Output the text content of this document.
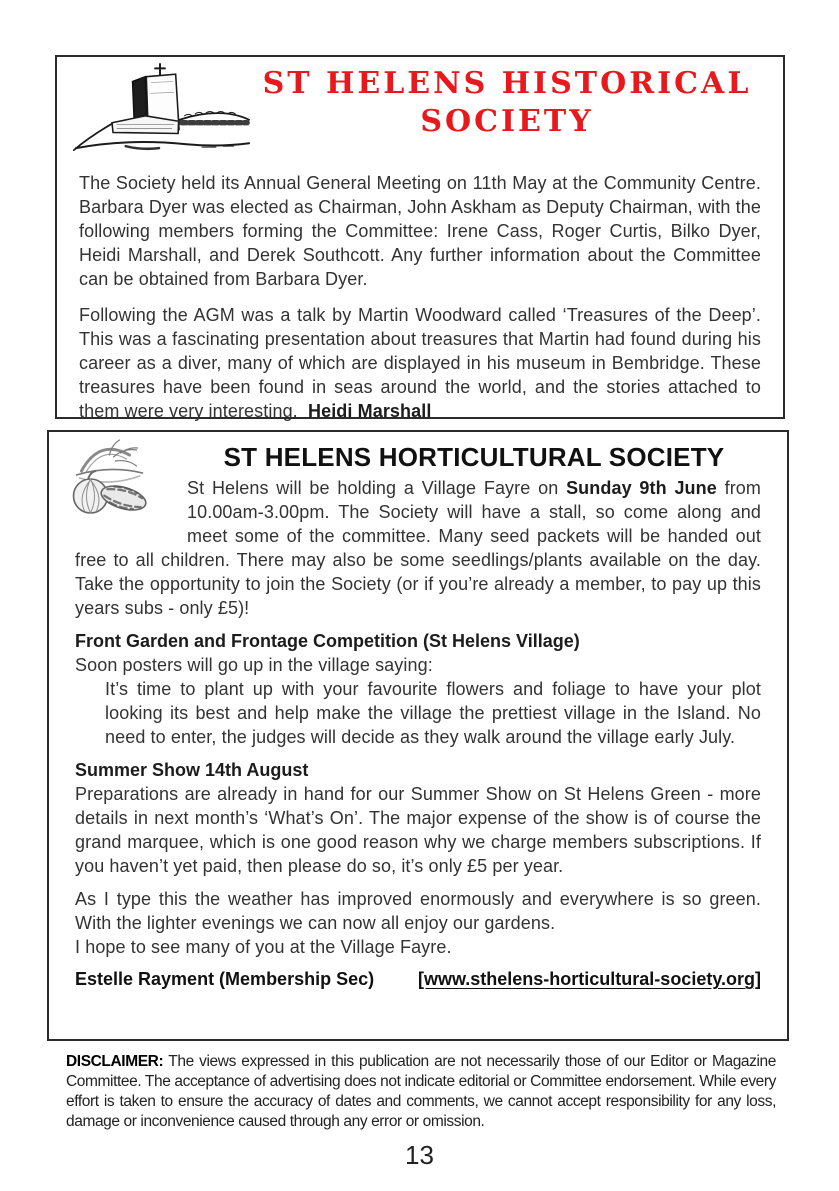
ST HELENS HISTORICAL
SOCIETY

The Society held its Annual General Meeting on 11th May at the Community Centre. Barbara Dyer was elected as Chairman, John Askham as Deputy Chairman, with the following members forming the Committee: Irene Cass, Roger Curtis, Bilko Dyer, Heidi Marshall, and Derek Southcott. Any further information about the Committee can be obtained from Barbara Dyer.

Following the AGM was a talk by Martin Woodward called ‘Treasures of the Deep’. This was a fascinating presentation about treasures that Martin had found during his career as a diver, many of which are displayed in his museum in Bembridge. These treasures have been found in seas around the world, and the stories attached to them were very interesting. Heidi Marshall

ST HELENS HORTICULTURAL SOCIETY

St Helens will be holding a Village Fayre on Sunday 9th June from 10.00am-3.00pm. The Society will have a stall, so come along and meet some of the committee. Many seed packets will be handed out free to all children. There may also be some seedlings/plants available on the day. Take the opportunity to join the Society (or if you’re already a member, to pay up this years subs - only £5)!

Front Garden and Frontage Competition (St Helens Village)

Soon posters will go up in the village saying:

It’s time to plant up with your favourite flowers and foliage to have your plot looking its best and help make the village the prettiest village in the Island. No need to enter, the judges will decide as they walk around the village early July.

Summer Show 14th August

Preparations are already in hand for our Summer Show on St Helens Green - more details in next month’s ‘What’s On’. The major expense of the show is of course the grand marquee, which is one good reason why we charge members subscriptions. If you haven’t yet paid, then please do so, it’s only £5 per year.

As I type this the weather has improved enormously and everywhere is so green. With the lighter evenings we can now all enjoy our gardens.

I hope to see many of you at the Village Fayre.

Estelle Rayment (Membership Sec) [www.sthelens-horticultural-society.org]

DISCLAIMER: The views expressed in this publication are not necessarily those of our Editor or Magazine Committee. The acceptance of advertising does not indicate editorial or Committee endorsement. While every effort is taken to ensure the accuracy of dates and comments, we cannot accept responsibility for any loss, damage or inconvenience caused through any error or omission.

13
